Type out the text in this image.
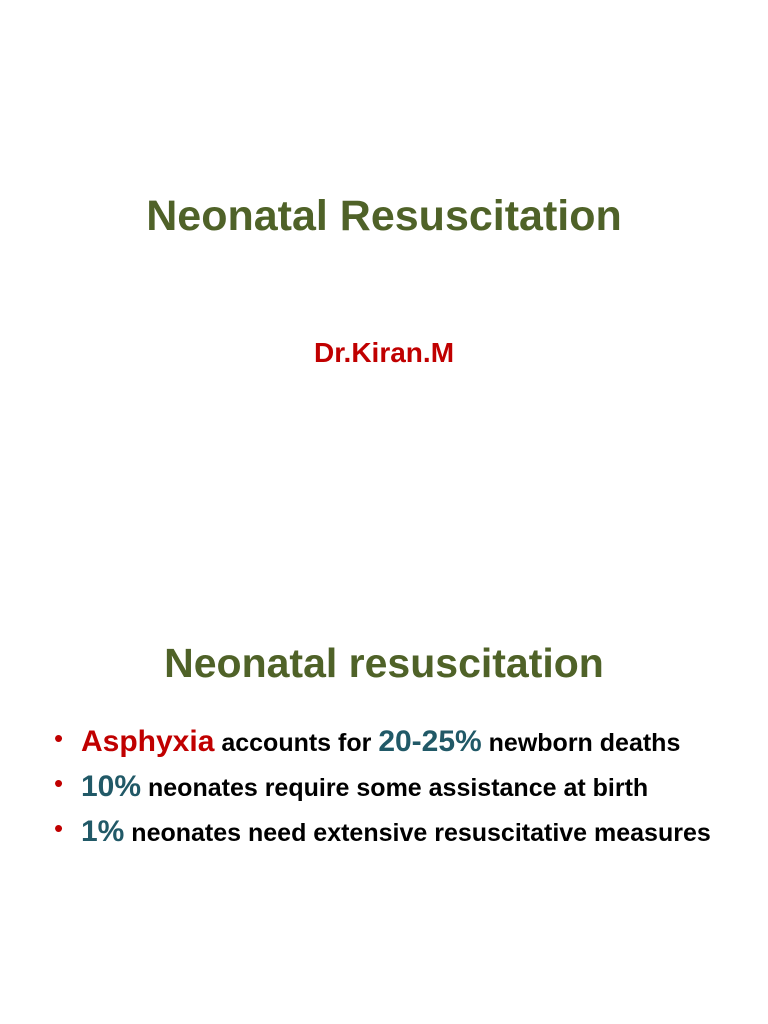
Neonatal Resuscitation

Dr.Kiran.M

Neonatal resuscitation
• Asphyxia accounts for 20-25% newborn deaths
• 10% neonates require some assistance at birth
• 1% neonates need extensive resuscitative measures
